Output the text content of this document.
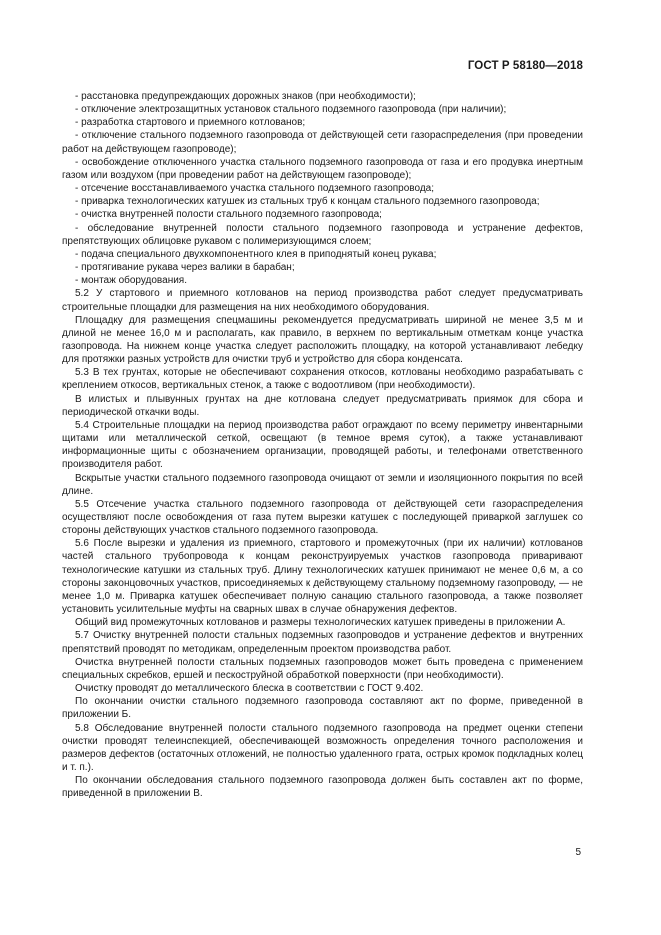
ГОСТ Р 58180—2018

- расстановка предупреждающих дорожных знаков (при необходимости);

- отключение электрозащитных установок стального подземного газопровода (при наличии);

- разработка стартового и приемного котлованов;

- отключение стального подземного газопровода от действующей сети газораспределения (при проведении работ на действующем газопроводе);

- освобождение отключенного участка стального подземного газопровода от газа и его продувка инертным газом или воздухом (при проведении работ на действующем газопроводе);

- отсечение восстанавливаемого участка стального подземного газопровода;

- приварка технологических катушек из стальных труб к концам стального подземного газопровода;

- очистка внутренней полости стального подземного газопровода;

- обследование внутренней полости стального подземного газопровода и устранение дефектов, препятствующих облицовке рукавом с полимеризующимся слоем;

- подача специального двухкомпонентного клея в приподнятый конец рукава;

- протягивание рукава через валики в барабан;

- монтаж оборудования.

5.2 У стартового и приемного котлованов на период производства работ следует предусматривать строительные площадки для размещения на них необходимого оборудования.

Площадку для размещения спецмашины рекомендуется предусматривать шириной не менее 3,5 м и длиной не менее 16,0 м и располагать, как правило, в верхнем по вертикальным отметкам конце участка газопровода. На нижнем конце участка следует расположить площадку, на которой устанавливают лебедку для протяжки разных устройств для очистки труб и устройство для сбора конденсата.

5.3 В тех грунтах, которые не обеспечивают сохранения откосов, котлованы необходимо разрабатывать с креплением откосов, вертикальных стенок, а также с водоотливом (при необходимости).

В илистых и плывунных грунтах на дне котлована следует предусматривать приямок для сбора и периодической откачки воды.

5.4 Строительные площадки на период производства работ ограждают по всему периметру инвентарными щитами или металлической сеткой, освещают (в темное время суток), а также устанавливают информационные щиты с обозначением организации, проводящей работы, и телефонами ответственного производителя работ.

Вскрытые участки стального подземного газопровода очищают от земли и изоляционного покрытия по всей длине.

5.5 Отсечение участка стального подземного газопровода от действующей сети газораспределения осуществляют после освобождения от газа путем вырезки катушек с последующей приваркой заглушек со стороны действующих участков стального подземного газопровода.

5.6 После вырезки и удаления из приемного, стартового и промежуточных (при их наличии) котлованов частей стального трубопровода к концам реконструируемых участков газопровода приваривают технологические катушки из стальных труб. Длину технологических катушек принимают не менее 0,6 м, а со стороны законцовочных участков, присоединяемых к действующему стальному подземному газопроводу, — не менее 1,0 м. Приварка катушек обеспечивает полную санацию стального газопровода, а также позволяет установить усилительные муфты на сварных швах в случае обнаружения дефектов.

Общий вид промежуточных котлованов и размеры технологических катушек приведены в приложении А.

5.7 Очистку внутренней полости стальных подземных газопроводов и устранение дефектов и внутренних препятствий проводят по методикам, определенным проектом производства работ.

Очистка внутренней полости стальных подземных газопроводов может быть проведена с применением специальных скребков, ершей и пескоструйной обработкой поверхности (при необходимости).

Очистку проводят до металлического блеска в соответствии с ГОСТ 9.402.

По окончании очистки стального подземного газопровода составляют акт по форме, приведенной в приложении Б.

5.8 Обследование внутренней полости стального подземного газопровода на предмет оценки степени очистки проводят телеинспекцией, обеспечивающей возможность определения точного расположения и размеров дефектов (остаточных отложений, не полностью удаленного грата, острых кромок подкладных колец и т. п.).

По окончании обследования стального подземного газопровода должен быть составлен акт по форме, приведенной в приложении В.

5
